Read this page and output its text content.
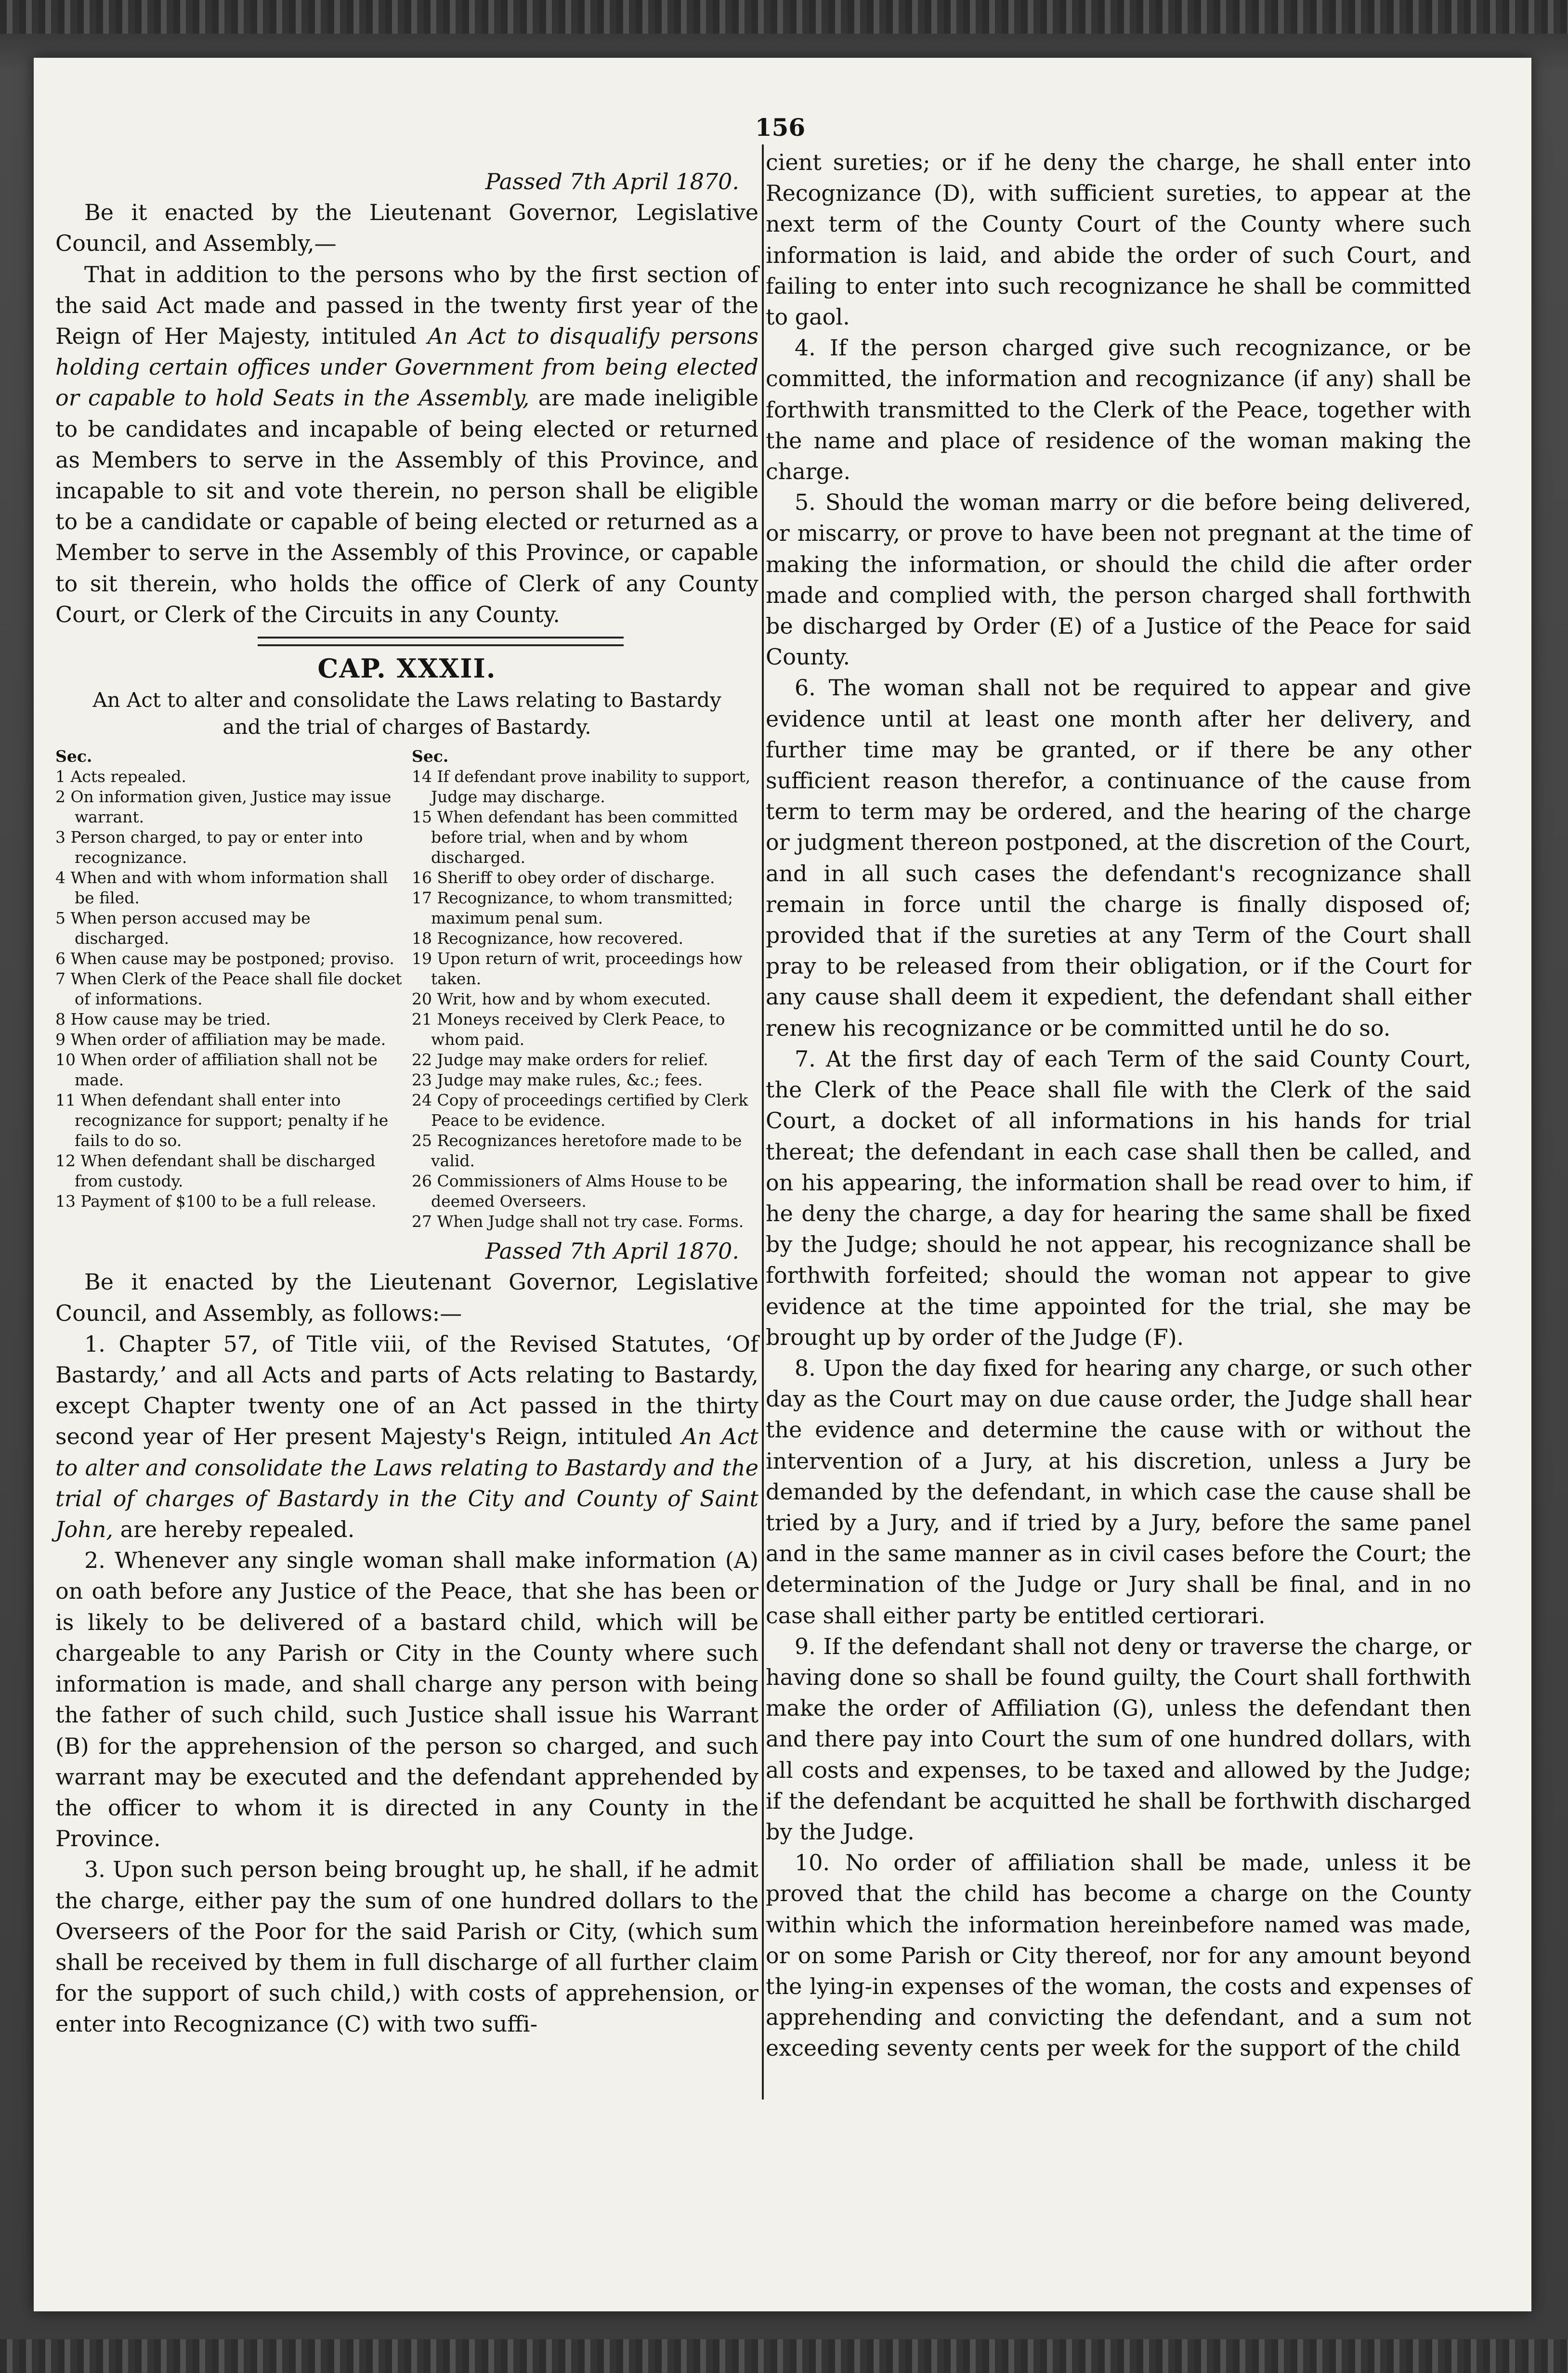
156

Passed 7th April 1870.

Be it enacted by the Lieutenant Governor, Legislative Council, and Assembly,—

That in addition to the persons who by the first section of the said Act made and passed in the twenty first year of the Reign of Her Majesty, intituled An Act to disqualify persons holding certain offices under Government from being elected or capable to hold Seats in the Assembly, are made ineligible to be candidates and incapable of being elected or returned as Members to serve in the Assembly of this Province, and incapable to sit and vote therein, no person shall be eligible to be a candidate or capable of being elected or returned as a Member to serve in the Assembly of this Province, or capable to sit therein, who holds the office of Clerk of any County Court, or Clerk of the Circuits in any County.

CAP. XXXII.

An Act to alter and consolidate the Laws relating to Bastardy and the trial of charges of Bastardy.

Sec.
1 Acts repealed.
2 On information given, Justice may issue warrant.
3 Person charged, to pay or enter into recognizance.
4 When and with whom information shall be filed.
5 When person accused may be discharged.
6 When cause may be postponed; proviso.
7 When Clerk of the Peace shall file docket of informations.
8 How cause may be tried.
9 When order of affiliation may be made.
10 When order of affiliation shall not be made.
11 When defendant shall enter into recognizance for support; penalty if he fails to do so.
12 When defendant shall be discharged from custody.
13 Payment of $100 to be a full release.
Sec.
14 If defendant prove inability to support, Judge may discharge.
15 When defendant has been committed before trial, when and by whom discharged.
16 Sheriff to obey order of discharge.
17 Recognizance, to whom transmitted; maximum penal sum.
18 Recognizance, how recovered.
19 Upon return of writ, proceedings how taken.
20 Writ, how and by whom executed.
21 Moneys received by Clerk Peace, to whom paid.
22 Judge may make orders for relief.
23 Judge may make rules, &c.; fees.
24 Copy of proceedings certified by Clerk Peace to be evidence.
25 Recognizances heretofore made to be valid.
26 Commissioners of Alms House to be deemed Overseers.
27 When Judge shall not try case. Forms.

Passed 7th April 1870.

Be it enacted by the Lieutenant Governor, Legislative Council, and Assembly, as follows:—

1. Chapter 57, of Title viii, of the Revised Statutes, ‘Of Bastardy,’ and all Acts and parts of Acts relating to Bastardy, except Chapter twenty one of an Act passed in the thirty second year of Her present Majesty's Reign, intituled An Act to alter and consolidate the Laws relating to Bastardy and the trial of charges of Bastardy in the City and County of Saint John, are hereby repealed.

2. Whenever any single woman shall make information (A) on oath before any Justice of the Peace, that she has been or is likely to be delivered of a bastard child, which will be chargeable to any Parish or City in the County where such information is made, and shall charge any person with being the father of such child, such Justice shall issue his Warrant (B) for the apprehension of the person so charged, and such warrant may be executed and the defendant apprehended by the officer to whom it is directed in any County in the Province.

3. Upon such person being brought up, he shall, if he admit the charge, either pay the sum of one hundred dollars to the Overseers of the Poor for the said Parish or City, (which sum shall be received by them in full discharge of all further claim for the support of such child,) with costs of apprehension, or enter into Recognizance (C) with two suffi-

cient sureties; or if he deny the charge, he shall enter into Recognizance (D), with sufficient sureties, to appear at the next term of the County Court of the County where such information is laid, and abide the order of such Court, and failing to enter into such recognizance he shall be committed to gaol.

4. If the person charged give such recognizance, or be committed, the information and recognizance (if any) shall be forthwith transmitted to the Clerk of the Peace, together with the name and place of residence of the woman making the charge.

5. Should the woman marry or die before being delivered, or miscarry, or prove to have been not pregnant at the time of making the information, or should the child die after order made and complied with, the person charged shall forthwith be discharged by Order (E) of a Justice of the Peace for said County.

6. The woman shall not be required to appear and give evidence until at least one month after her delivery, and further time may be granted, or if there be any other sufficient reason therefor, a continuance of the cause from term to term may be ordered, and the hearing of the charge or judgment thereon postponed, at the discretion of the Court, and in all such cases the defendant's recognizance shall remain in force until the charge is finally disposed of; provided that if the sureties at any Term of the Court shall pray to be released from their obligation, or if the Court for any cause shall deem it expedient, the defendant shall either renew his recognizance or be committed until he do so.

7. At the first day of each Term of the said County Court, the Clerk of the Peace shall file with the Clerk of the said Court, a docket of all informations in his hands for trial thereat; the defendant in each case shall then be called, and on his appearing, the information shall be read over to him, if he deny the charge, a day for hearing the same shall be fixed by the Judge; should he not appear, his recognizance shall be forthwith forfeited; should the woman not appear to give evidence at the time appointed for the trial, she may be brought up by order of the Judge (F).

8. Upon the day fixed for hearing any charge, or such other day as the Court may on due cause order, the Judge shall hear the evidence and determine the cause with or without the intervention of a Jury, at his discretion, unless a Jury be demanded by the defendant, in which case the cause shall be tried by a Jury, and if tried by a Jury, before the same panel and in the same manner as in civil cases before the Court; the determination of the Judge or Jury shall be final, and in no case shall either party be entitled certiorari.

9. If the defendant shall not deny or traverse the charge, or having done so shall be found guilty, the Court shall forthwith make the order of Affiliation (G), unless the defendant then and there pay into Court the sum of one hundred dollars, with all costs and expenses, to be taxed and allowed by the Judge; if the defendant be acquitted he shall be forthwith discharged by the Judge.

10. No order of affiliation shall be made, unless it be proved that the child has become a charge on the County within which the information hereinbefore named was made, or on some Parish or City thereof, nor for any amount beyond the lying-in expenses of the woman, the costs and expenses of apprehending and convicting the defendant, and a sum not exceeding seventy cents per week for the support of the child
